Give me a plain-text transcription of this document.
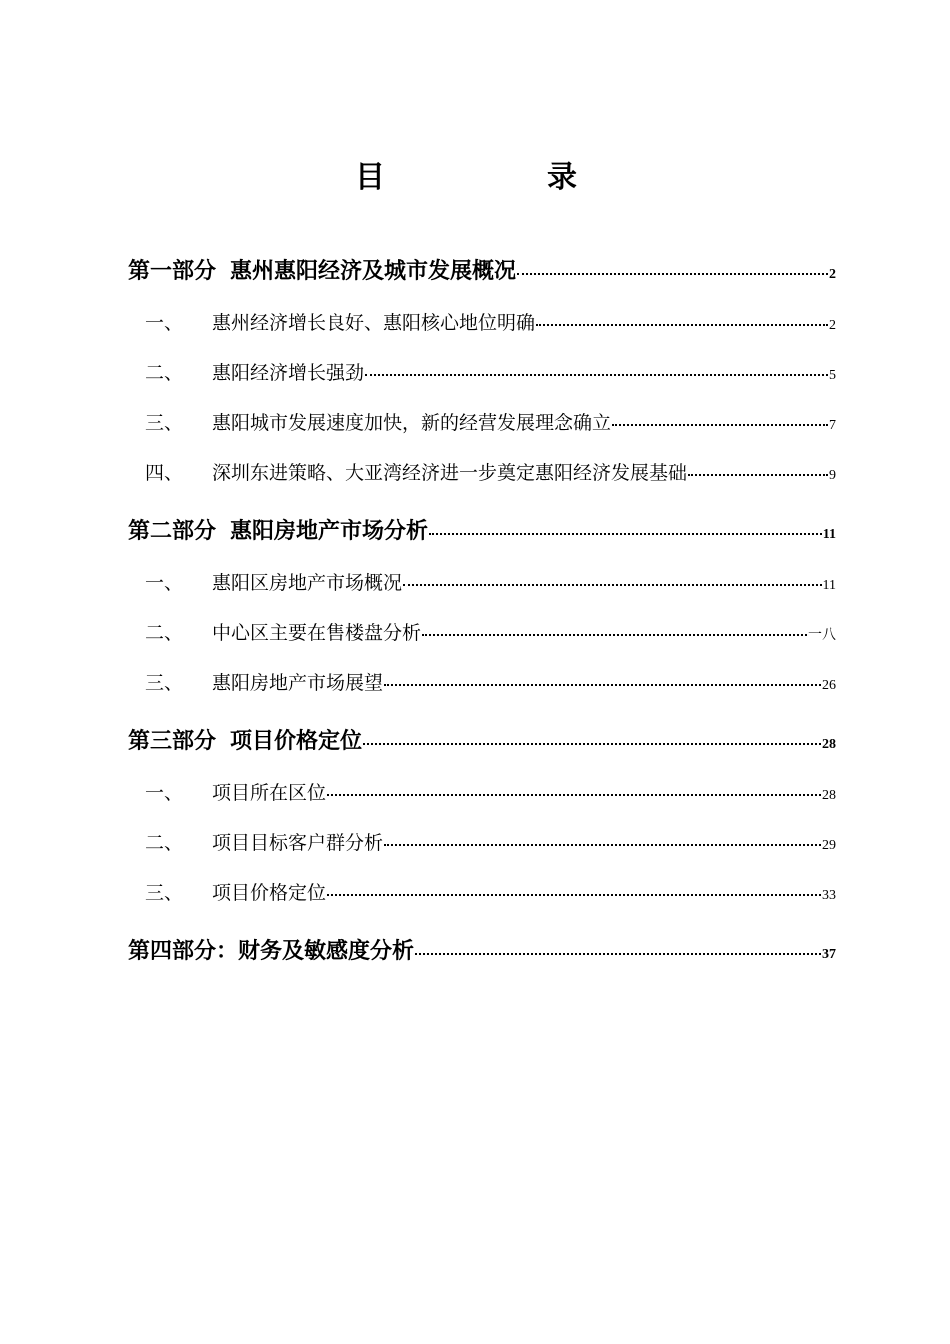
目　　录
第一部分 惠州惠阳经济及城市发展概况	2
一、	惠州经济增长良好、惠阳核心地位明确	2
二、	惠阳经济增长强劲	5
三、	惠阳城市发展速度加快，新的经营发展理念确立	7
四、	深圳东进策略、大亚湾经济进一步奠定惠阳经济发展基础	9
第二部分 惠阳房地产市场分析	11
一、	惠阳区房地产市场概况	11
二、	中心区主要在售楼盘分析	一八
三、	惠阳房地产市场展望	26
第三部分 项目价格定位	28
一、	项目所在区位	28
二、	项目目标客户群分析	29
三、	项目价格定位	33
第四部分： 财务及敏感度分析	37
